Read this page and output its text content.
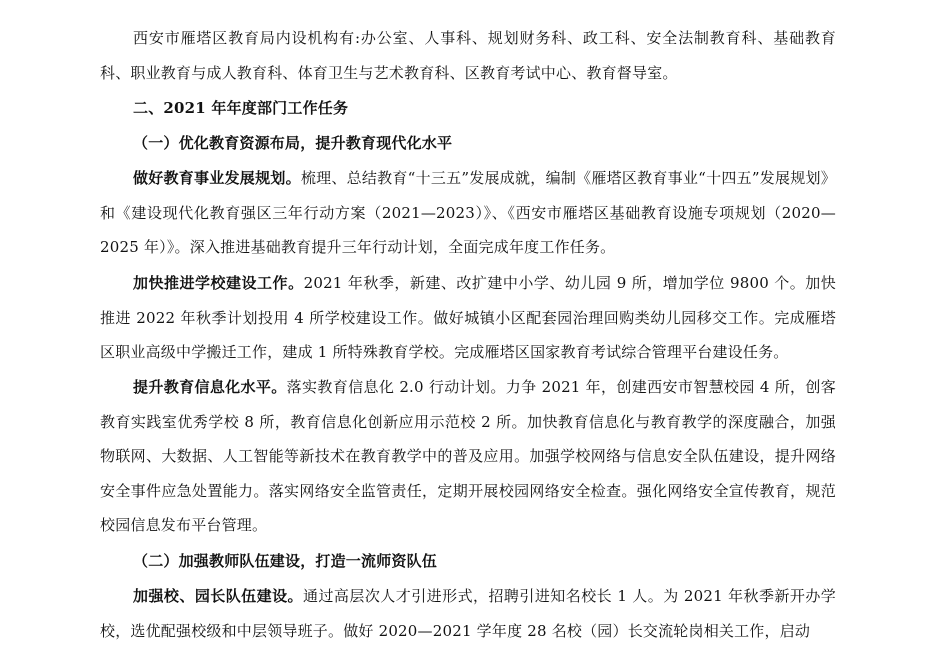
西安市雁塔区教育局内设机构有:办公室、人事科、规划财务科、政工科、安全法制教育科、基础教育科、职业教育与成人教育科、体育卫生与艺术教育科、区教育考试中心、教育督导室。

二、2021 年年度部门工作任务

（一）优化教育资源布局，提升教育现代化水平

做好教育事业发展规划。梳理、总结教育“十三五”发展成就，编制《雁塔区教育事业“十四五”发展规划》和《建设现代化教育强区三年行动方案（2021—2023）》、《西安市雁塔区基础教育设施专项规划（2020—2025 年）》。深入推进基础教育提升三年行动计划，全面完成年度工作任务。

加快推进学校建设工作。2021 年秋季，新建、改扩建中小学、幼儿园 9 所，增加学位 9800 个。加快推进 2022 年秋季计划投用 4 所学校建设工作。做好城镇小区配套园治理回购类幼儿园移交工作。完成雁塔区职业高级中学搬迁工作，建成 1 所特殊教育学校。完成雁塔区国家教育考试综合管理平台建设任务。

提升教育信息化水平。落实教育信息化 2.0 行动计划。力争 2021 年，创建西安市智慧校园 4 所，创客教育实践室优秀学校 8 所，教育信息化创新应用示范校 2 所。加快教育信息化与教育教学的深度融合，加强物联网、大数据、人工智能等新技术在教育教学中的普及应用。加强学校网络与信息安全队伍建设，提升网络安全事件应急处置能力。落实网络安全监管责任，定期开展校园网络安全检查。强化网络安全宣传教育，规范校园信息发布平台管理。

（二）加强教师队伍建设，打造一流师资队伍

加强校、园长队伍建设。通过高层次人才引进形式，招聘引进知名校长 1 人。为 2021 年秋季新开办学校，选优配强校级和中层领导班子。做好 2020—2021 学年度 28 名校（园）长交流轮岗相关工作，启动
